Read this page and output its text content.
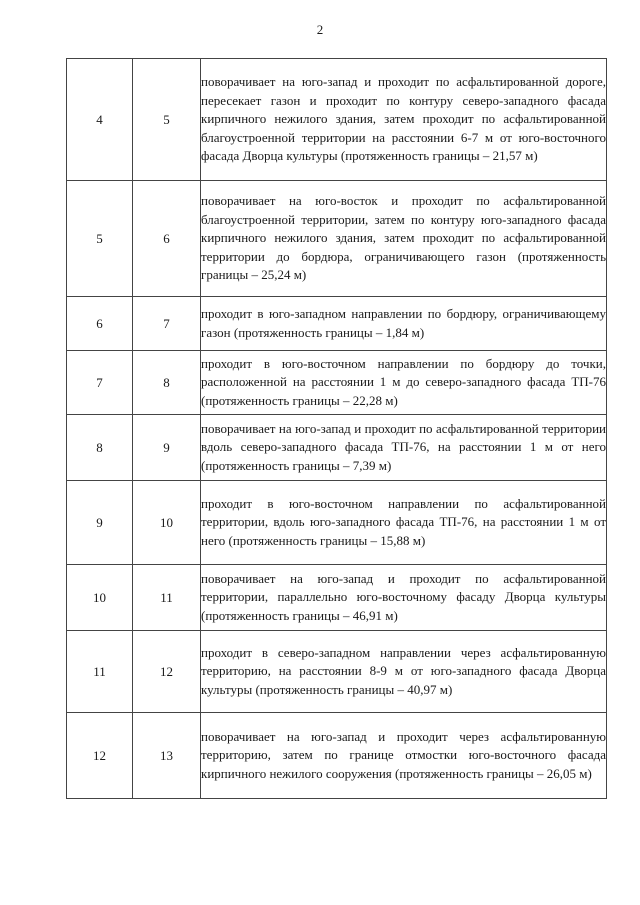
2
4	5	поворачивает на юго-запад и проходит по асфальтированной дороге, пересекает газон и проходит по контуру северо-западного фасада кирпичного нежилого здания, затем проходит по асфальтированной благоустроенной территории на расстоянии 6-7 м от юго-восточного фасада Дворца культуры (протяженность границы – 21,57 м)
5	6	поворачивает на юго-восток и проходит по асфальтированной благоустроенной территории, затем по контуру юго-западного фасада кирпичного нежилого здания, затем проходит по асфальтированной территории до бордюра, ограничивающего газон (протяженность границы – 25,24 м)
6	7	проходит в юго-западном направлении по бордюру, ограничивающему газон (протяженность границы – 1,84 м)
7	8	проходит в юго-восточном направлении по бордюру до точки, расположенной на расстоянии 1 м до северо-западного фасада ТП-76 (протяженность границы – 22,28 м)
8	9	поворачивает на юго-запад и проходит по асфальтированной территории вдоль северо-западного фасада ТП-76, на расстоянии 1 м от него (протяженность границы – 7,39 м)
9	10	проходит в юго-восточном направлении по асфальтированной территории, вдоль юго-западного фасада ТП-76, на расстоянии 1 м от него (протяженность границы – 15,88 м)
10	11	поворачивает на юго-запад и проходит по асфальтированной территории, параллельно юго-восточному фасаду Дворца культуры (протяженность границы – 46,91 м)
11	12	проходит в северо-западном направлении через асфальтированную территорию, на расстоянии 8-9 м от юго-западного фасада Дворца культуры (протяженность границы – 40,97 м)
12	13	поворачивает на юго-запад и проходит через асфальтированную территорию, затем по границе отмостки юго-восточного фасада кирпичного нежилого сооружения (протяженность границы – 26,05 м)
